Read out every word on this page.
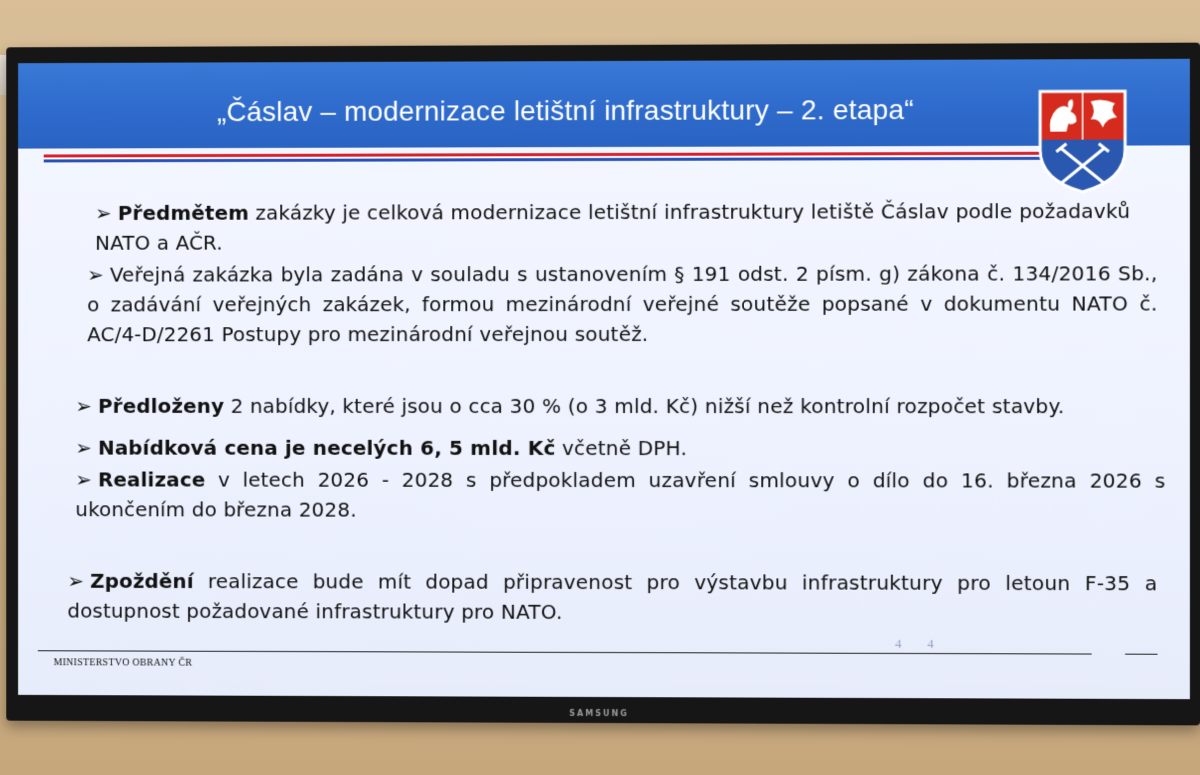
„Čáslav – modernizace letištní infrastruktury – 2. etapa“
➢ Předmětem zakázky je celková modernizace letištní infrastruktury letiště Čáslav podle požadavků NATO a AČR.
➢ Veřejná zakázka byla zadána v souladu s ustanovením § 191 odst. 2 písm. g) zákona č. 134/2016 Sb., o zadávání veřejných zakázek, formou mezinárodní veřejné soutěže popsané v dokumentu NATO č. AC/4-D/2261 Postupy pro mezinárodní veřejnou soutěž.
➢ Předloženy 2 nabídky, které jsou o cca 30 % (o 3 mld. Kč) nižší než kontrolní rozpočet stavby.
➢ Nabídková cena je necelých 6, 5 mld. Kč včetně DPH.
➢ Realizace v letech 2026 - 2028 s předpokladem uzavření smlouvy o dílo do 16. března 2026 s ukončením do března 2028.
➢ Zpoždění realizace bude mít dopad připravenost pro výstavbu infrastruktury pro letoun F-35 a dostupnost požadované infrastruktury pro NATO.
4 4
MINISTERSTVO OBRANY ČR
SAMSUNG
